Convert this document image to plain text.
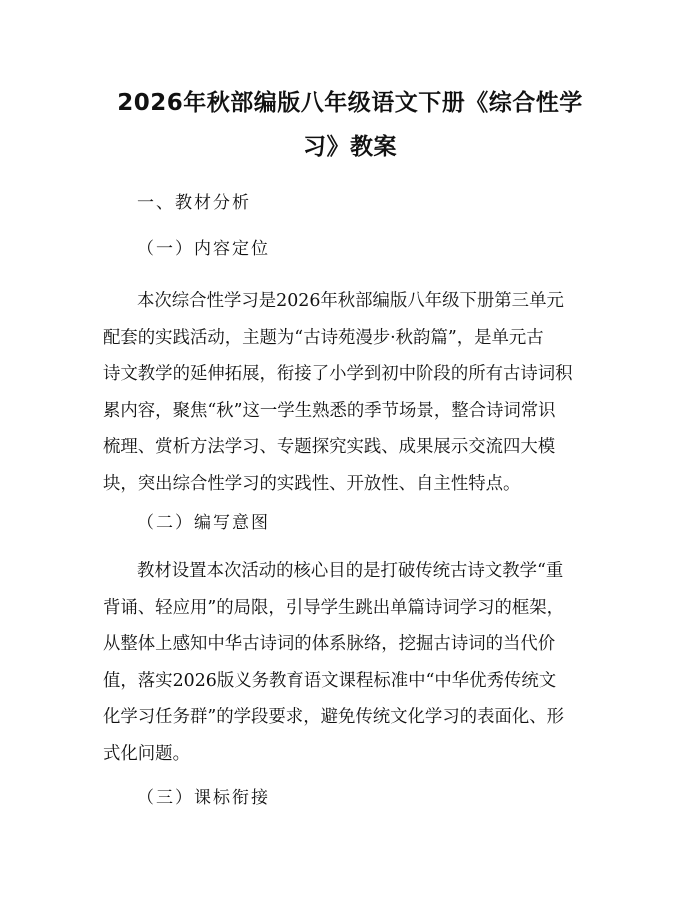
2026年秋部编版八年级语文下册《综合性学
习》教案
一、教材分析
（一）内容定位
本次综合性学习是2026年秋部编版八年级下册第三单元
配套的实践活动，主题为“古诗苑漫步·秋韵篇”，是单元古
诗文教学的延伸拓展，衔接了小学到初中阶段的所有古诗词积
累内容，聚焦“秋”这一学生熟悉的季节场景，整合诗词常识
梳理、赏析方法学习、专题探究实践、成果展示交流四大模
块，突出综合性学习的实践性、开放性、自主性特点。
（二）编写意图
教材设置本次活动的核心目的是打破传统古诗文教学“重
背诵、轻应用”的局限，引导学生跳出单篇诗词学习的框架，
从整体上感知中华古诗词的体系脉络，挖掘古诗词的当代价
值，落实2026版义务教育语文课程标准中“中华优秀传统文
化学习任务群”的学段要求，避免传统文化学习的表面化、形
式化问题。
（三）课标衔接
